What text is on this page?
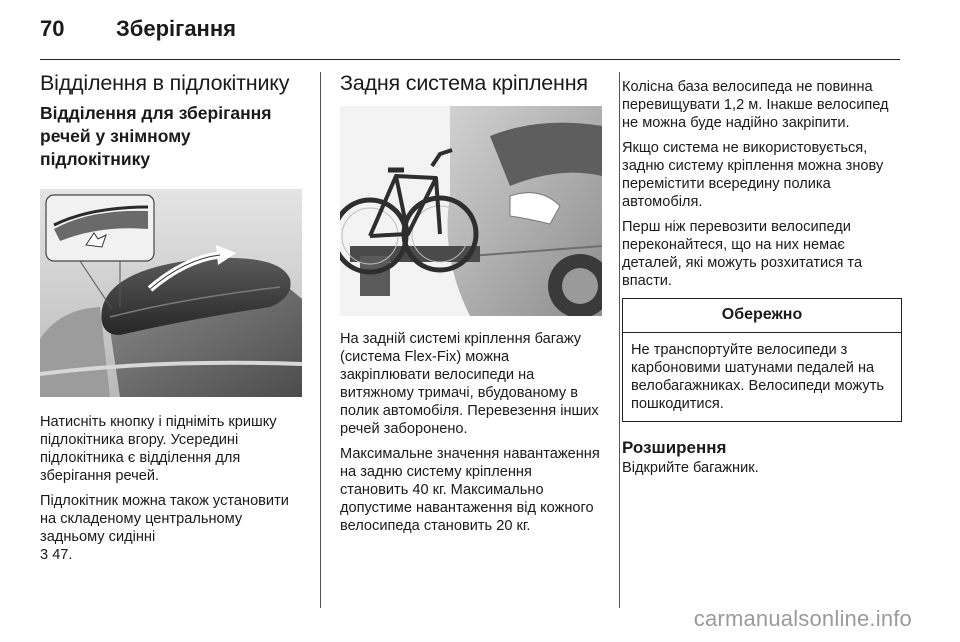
70 Зберігання
Відділення в підлокітнику
Відділення для зберігання речей у знімному підлокітнику

Натисніть кнопку і підніміть кришку підлокітника вгору. Усередині підлокітника є відділення для зберігання речей.

Підлокітник можна також установити на складеному центральному задньому сидінні
3 47.

Задня система кріплення

На задній системі кріплення багажу (система Flex-Fix) можна закріплювати велосипеди на витяжному тримачі, вбудованому в полик автомобіля. Перевезення інших речей заборонено.

Максимальне значення навантаження на задню систему кріплення становить 40 кг. Максимально допустиме навантаження від кожного велосипеда становить 20 кг.

Колісна база велосипеда не повинна перевищувати 1,2 м. Інакше велосипед не можна буде надійно закріпити.

Якщо система не використовується, задню систему кріплення можна знову перемістити всередину полика автомобіля.

Перш ніж перевозити велосипеди переконайтеся, що на них немає деталей, які можуть розхитатися та впасти.

Обережно
Не транспортуйте велосипеди з карбоновими шатунами педалей на велобагажниках. Велосипеди можуть пошкодитися.
Розширення
Відкрийте багажник.
carmanualsonline.info
